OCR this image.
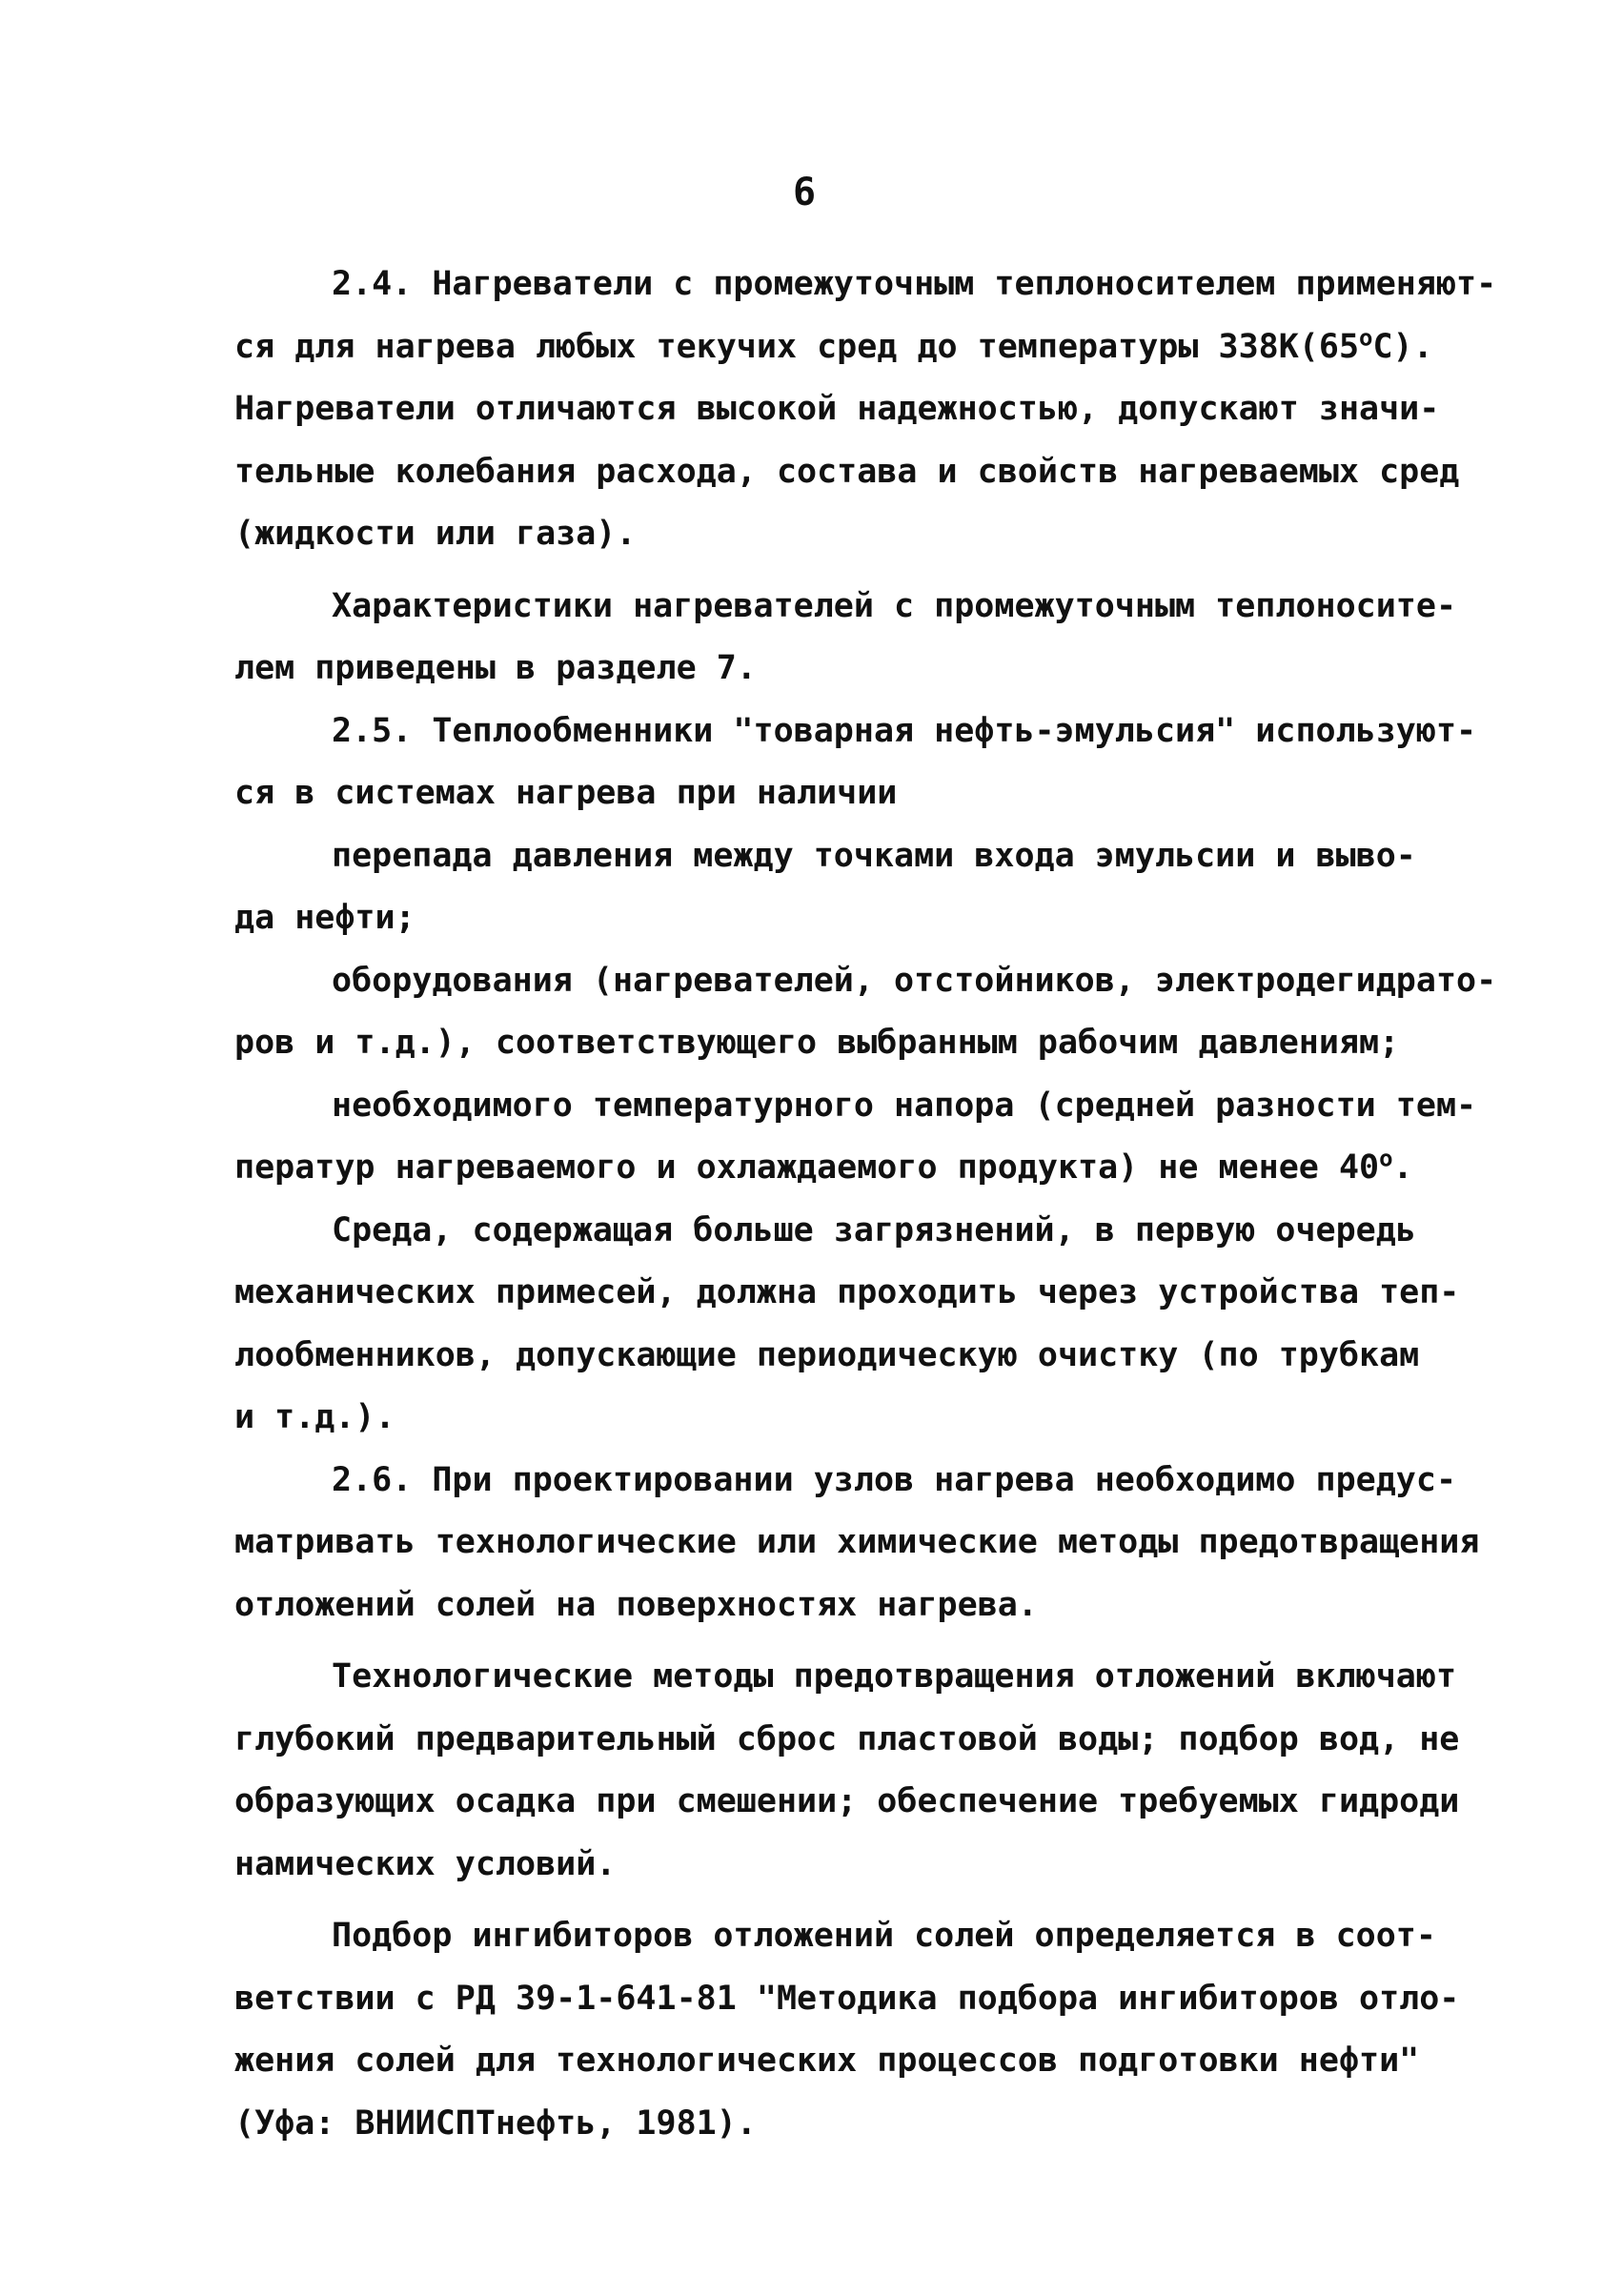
6
2.4. Нагреватели с промежуточным теплоносителем применяют-
ся для нагрева любых текучих сред до температуры $338К(65^оС)$.
Нагреватели отличаются высокой надежностью, допускают значи-
тельные колебания расхода, состава и свойств нагреваемых сред
(жидкости или газа).
Характеристики нагревателей с промежуточным теплоносите-
лем приведены в разделе 7.
2.5. Теплообменники "товарная нефть-эмульсия" используют-
ся в системах нагрева при наличии
перепада давления между точками входа эмульсии и выво-
да нефти;
оборудования (нагревателей, отстойников, электродегидрато-
ров и т.д.), соответствующего выбранным рабочим давлениям;
необходимого температурного напора (средней разности тем-
ператур нагреваемого и охлаждаемого продукта) не менее $40^о$.
Среда, содержащая больше загрязнений, в первую очередь
механических примесей, должна проходить через устройства теп-
лообменников, допускающие периодическую очистку (по трубкам
и т.д.).
2.6. При проектировании узлов нагрева необходимо предус-
матривать технологические или химические методы предотвращения
отложений солей на поверхностях нагрева.
Технологические методы предотвращения отложений включают
глубокий предварительный сброс пластовой воды; подбор вод, не
образующих осадка при смешении; обеспечение требуемых гидроди
намических условий.
Подбор ингибиторов отложений солей определяется в соот-
ветствии с РД 39-1-641-81 "Методика подбора ингибиторов отло-
жения солей для технологических процессов подготовки нефти"
(Уфа: ВНИИСПТнефть, 1981).
